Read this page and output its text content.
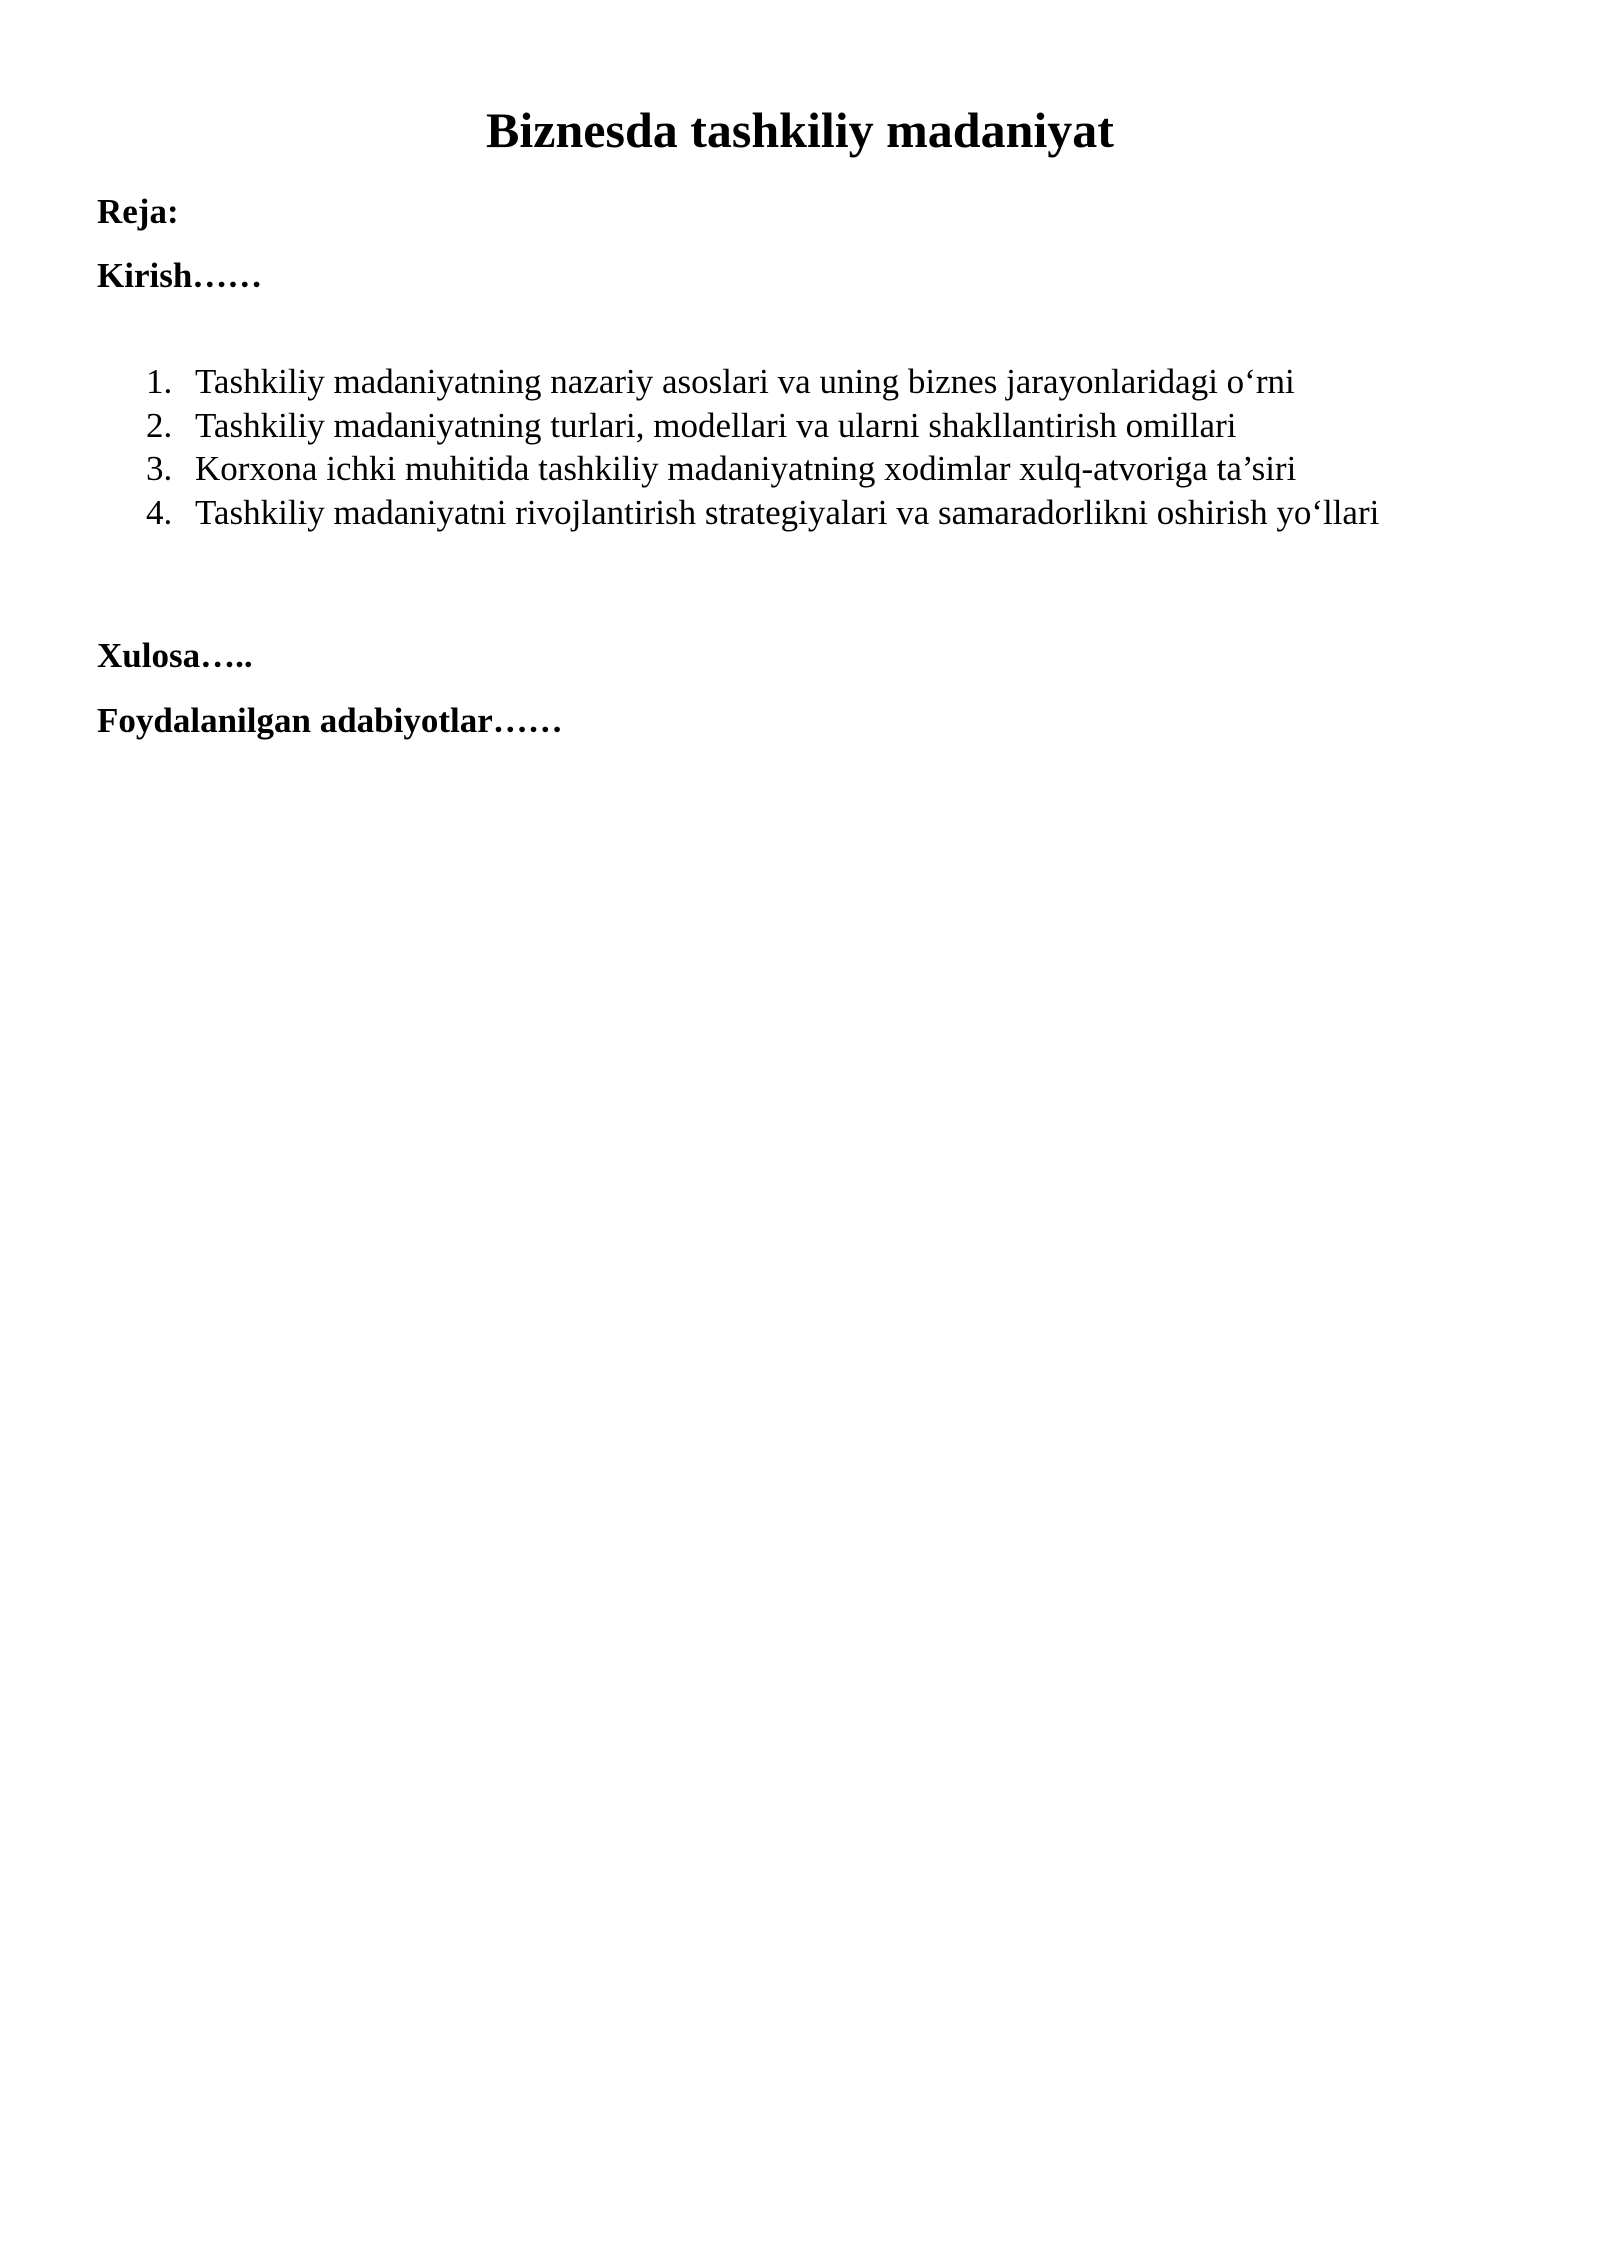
Biznesda tashkiliy madaniyat

Reja:

Kirish……

1. Tashkiliy madaniyatning nazariy asoslari va uning biznes jarayonlaridagi o‘rni
2. Tashkiliy madaniyatning turlari, modellari va ularni shakllantirish omillari
3. Korxona ichki muhitida tashkiliy madaniyatning xodimlar xulq-atvoriga ta’siri
4. Tashkiliy madaniyatni rivojlantirish strategiyalari va samaradorlikni oshirish yo‘llari

Xulosa…..

Foydalanilgan adabiyotlar……
